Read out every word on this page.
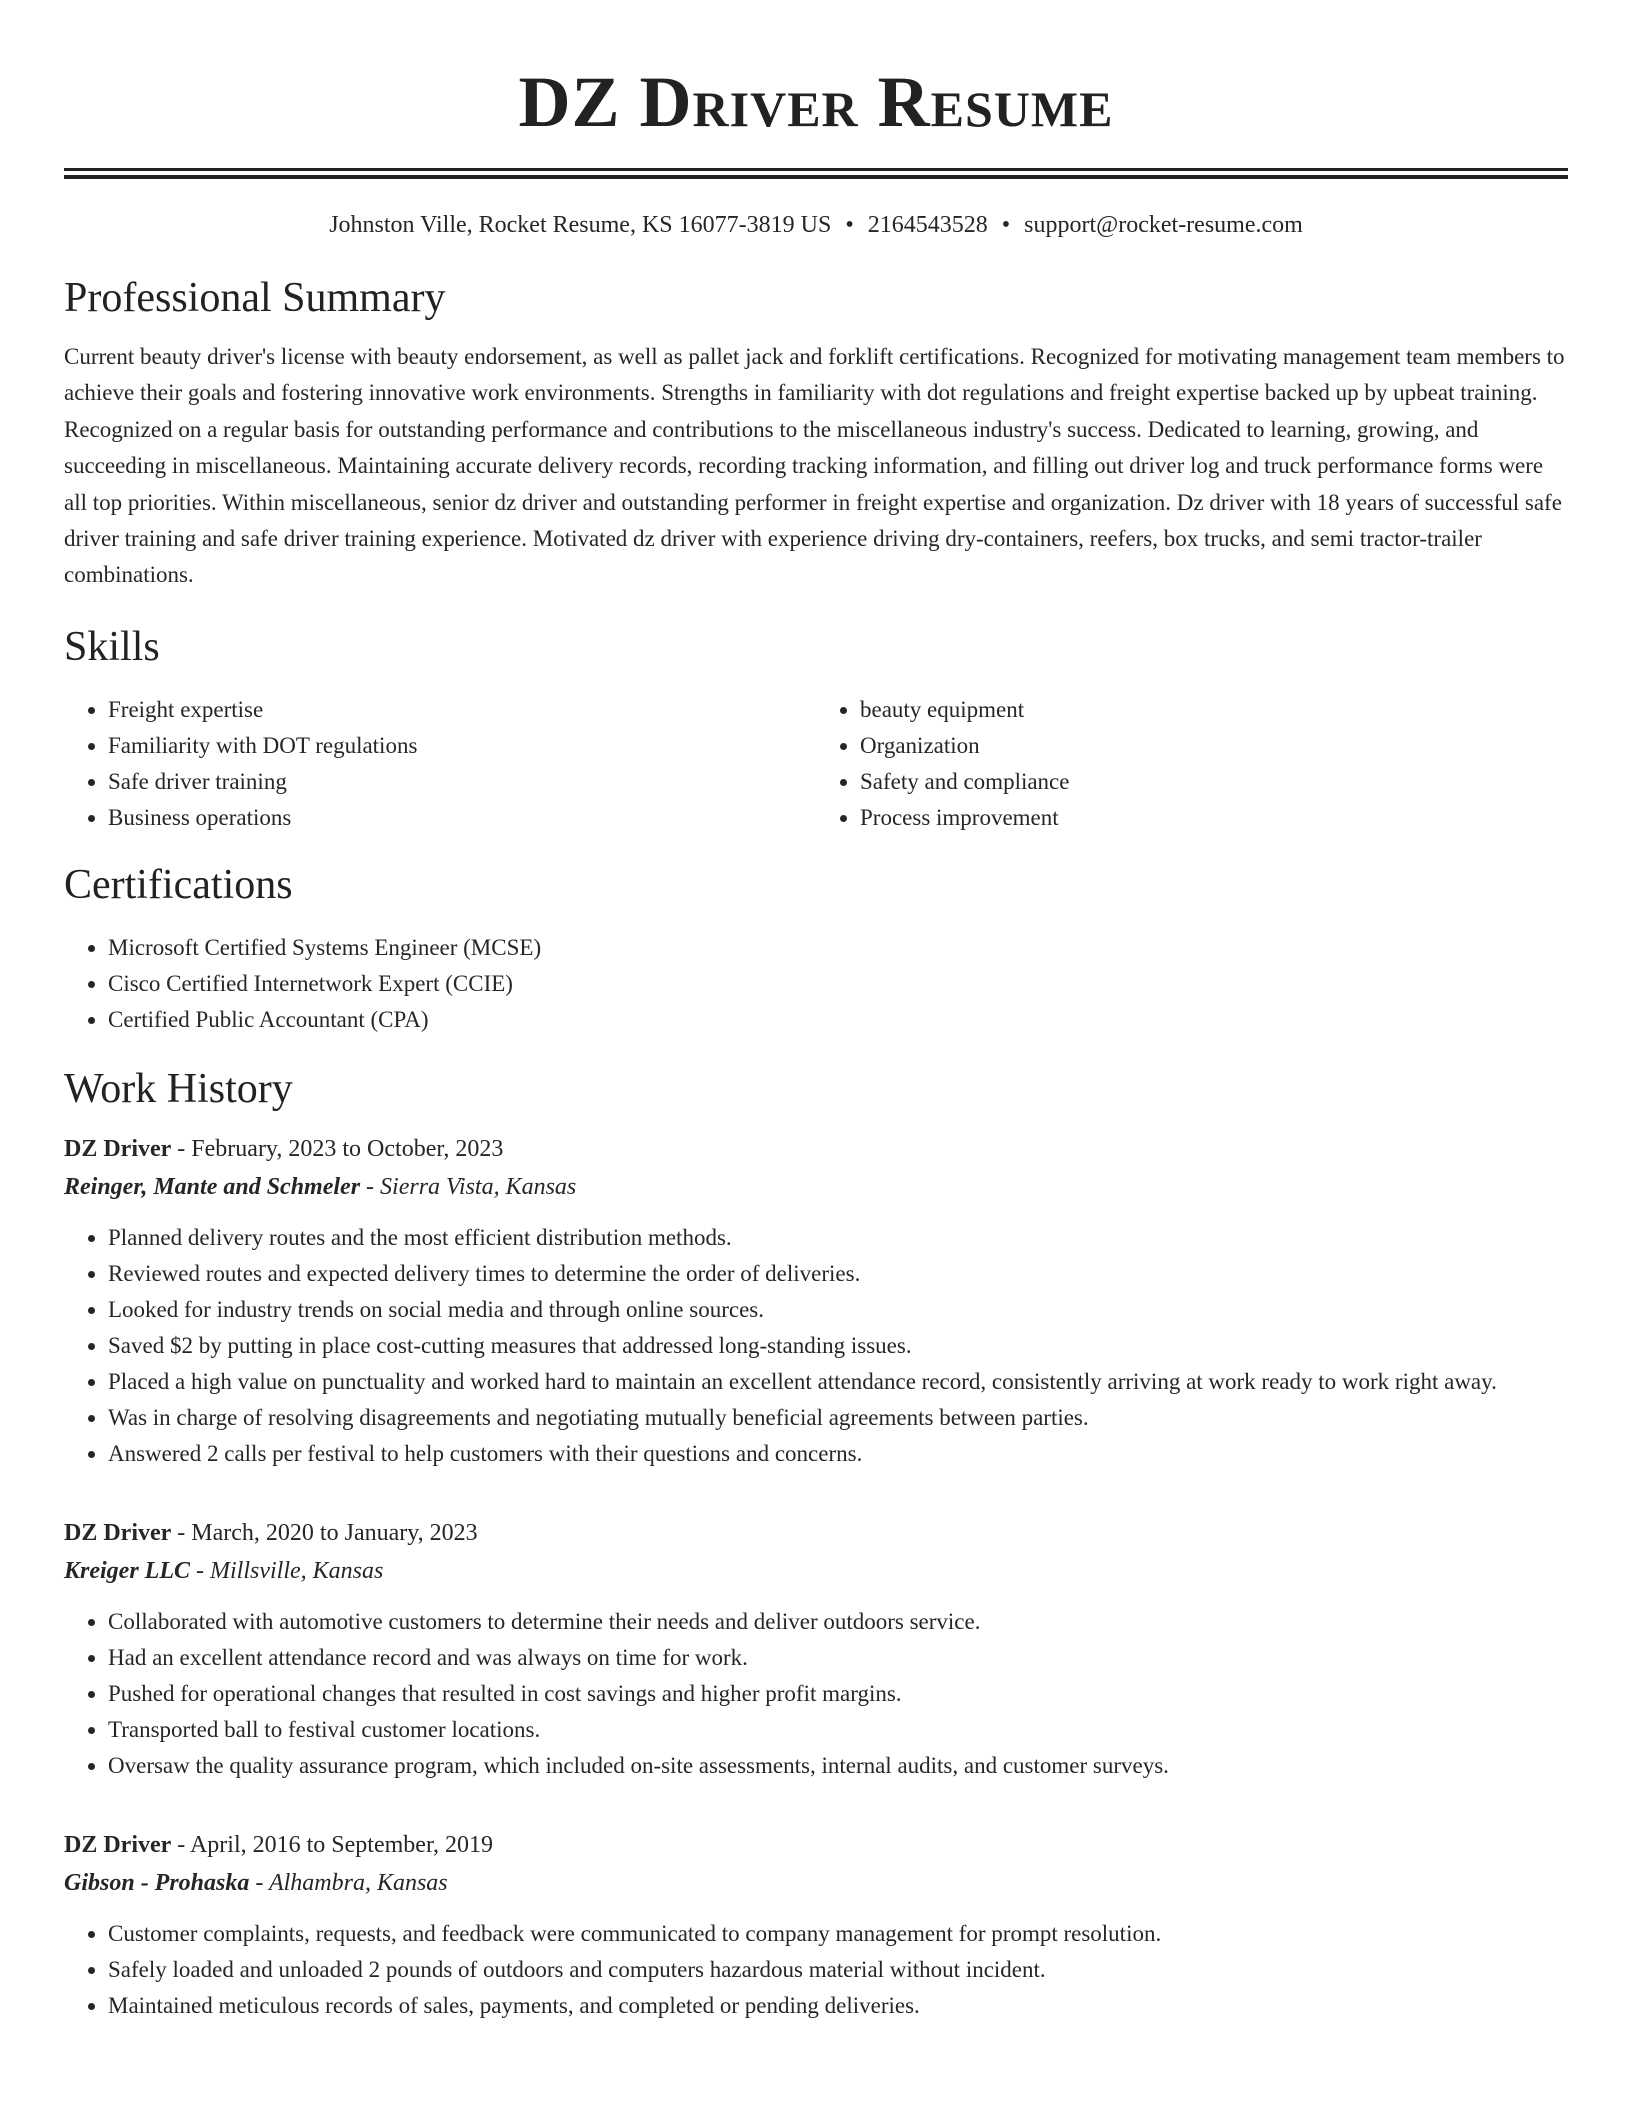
DZ Driver Resume
Johnston Ville, Rocket Resume, KS 16077-3819 US • 2164543528 • support@rocket-resume.com
Professional Summary

Current beauty driver's license with beauty endorsement, as well as pallet jack and forklift certifications. Recognized for motivating management team members to achieve their goals and fostering innovative work environments. Strengths in familiarity with dot regulations and freight expertise backed up by upbeat training. Recognized on a regular basis for outstanding performance and contributions to the miscellaneous industry's success. Dedicated to learning, growing, and succeeding in miscellaneous. Maintaining accurate delivery records, recording tracking information, and filling out driver log and truck performance forms were all top priorities. Within miscellaneous, senior dz driver and outstanding performer in freight expertise and organization. Dz driver with 18 years of successful safe driver training and safe driver training experience. Motivated dz driver with experience driving dry-containers, reefers, box trucks, and semi tractor-trailer combinations.

Skills
• Freight expertise
• Familiarity with DOT regulations
• Safe driver training
• Business operations
• beauty equipment
• Organization
• Safety and compliance
• Process improvement
Certifications
• Microsoft Certified Systems Engineer (MCSE)
• Cisco Certified Internetwork Expert (CCIE)
• Certified Public Accountant (CPA)
Work History
DZ Driver - February, 2023 to October, 2023
Reinger, Mante and Schmeler - Sierra Vista, Kansas
• Planned delivery routes and the most efficient distribution methods.
• Reviewed routes and expected delivery times to determine the order of deliveries.
• Looked for industry trends on social media and through online sources.
• Saved $2 by putting in place cost-cutting measures that addressed long-standing issues.
• Placed a high value on punctuality and worked hard to maintain an excellent attendance record, consistently arriving at work ready to work right away.
• Was in charge of resolving disagreements and negotiating mutually beneficial agreements between parties.
• Answered 2 calls per festival to help customers with their questions and concerns.
DZ Driver - March, 2020 to January, 2023
Kreiger LLC - Millsville, Kansas
• Collaborated with automotive customers to determine their needs and deliver outdoors service.
• Had an excellent attendance record and was always on time for work.
• Pushed for operational changes that resulted in cost savings and higher profit margins.
• Transported ball to festival customer locations.
• Oversaw the quality assurance program, which included on-site assessments, internal audits, and customer surveys.
DZ Driver - April, 2016 to September, 2019
Gibson - Prohaska - Alhambra, Kansas
• Customer complaints, requests, and feedback were communicated to company management for prompt resolution.
• Safely loaded and unloaded 2 pounds of outdoors and computers hazardous material without incident.
• Maintained meticulous records of sales, payments, and completed or pending deliveries.
